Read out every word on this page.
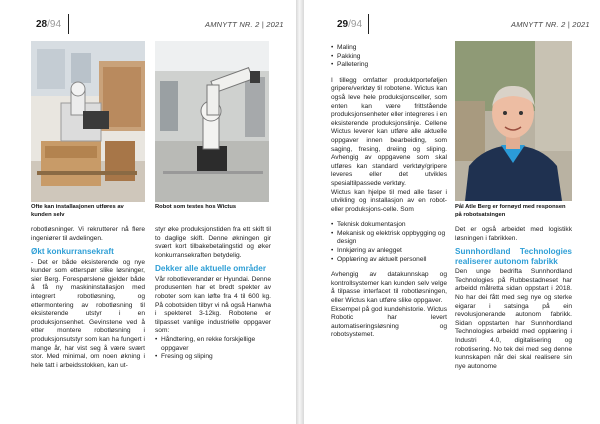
28/94	AMNYTT NR. 2 | 2021
Ofte kan installasjonen utføres av kunden selv
Robot som testes hos Wictus

robotløsninger. Vi rekrutterer nå flere ingeniører til avdelingen.

Økt konkurransekraft

- Det er både eksisterende og nye kunder som etterspør slike løsninger, sier Berg. Forespørslene gjelder både å få ny maskininstallasjon med integrert robotløsning, og ettermontering av robotløsning til eksisterende utstyr i en produksjonsenhet. Gevinstene ved å etter montere robotløsning i produksjonsutstyr som kan ha fungert i mange år, har vist seg å være svært stor. Med minimal, om noen økning i hele tatt i arbeidsstokken, kan ut-

styr øke produksjonstiden fra ett skift til to daglige skift. Denne økningen gir svært kort tilbakebetalingstid og øker konkurransekraften betydelig.

Dekker alle aktuelle områder

Vår robotleverandør er Hyundai. Denne produsenten har et bredt spekter av roboter som kan løfte fra 4 til 600 kg. På cobotsiden tilbyr vi nå også Hanwha i spekteret 3-12kg. Robotene er tilpasset vanlige industrielle oppgaver som:

• Håndtering, en rekke forskjellige oppgaver
• Fresing og sliping
29/94	AMNYTT NR. 2 | 2021
• Maling
• Pakking
• Palletering

I tillegg omfatter produktporteføljen gripere/verktøy til robotene. Wictus kan også leve hele produksjonsceller, som enten kan være frittstående produksjonsenheter eller integreres i en eksisterende produksjonslinje. Cellene Wictus leverer kan utføre alle aktuelle oppgaver innen bearbeiding, som saging, fresing, dreiing og sliping. Avhengig av oppgavene som skal utføres kan standard verktøy/gripere leveres eller det utvikles spesialtilpassede verktøy.

Wictus kan hjelpe til med alle faser i utvikling og installasjon av en robot- eller produksjons-celle. Som

• Teknisk dokumentasjon
• Mekanisk og elektrisk oppbygging og design
• Innkjøring av anlegget
• Opplæring av aktuelt personell

Avhengig av datakunnskap og kontrollsystemer kan kunden selv velge å tilpasse interfacet til robotløsningen, eller Wictus kan utføre slike oppgaver.

Eksempel på god kundehistorie. Wictus Robotic har levert automatiseringsløsning og robotsystemet.

Pål Atle Berg er fornøyd med responsen på robotsatsingen

Det er også arbeidet med logistikk løsningen i fabrikken.

Sunnhordland Technologies realiserer autonom fabrikk

Den unge bedrifta Sunnhordland Technologies på Rubbestadneset har arbeidd målretta sidan oppstart i 2018. No har dei fått med seg nye og sterke eigarar i satsinga på ein revolusjonerande autonom fabrikk. Sidan oppstarten har Sunnhordland Technologies arbeidd med opplæring i Industri 4.0, digitalisering og robotisering. No tek dei med seg denne kunnskapen når dei skal realisere sin nye autonome
